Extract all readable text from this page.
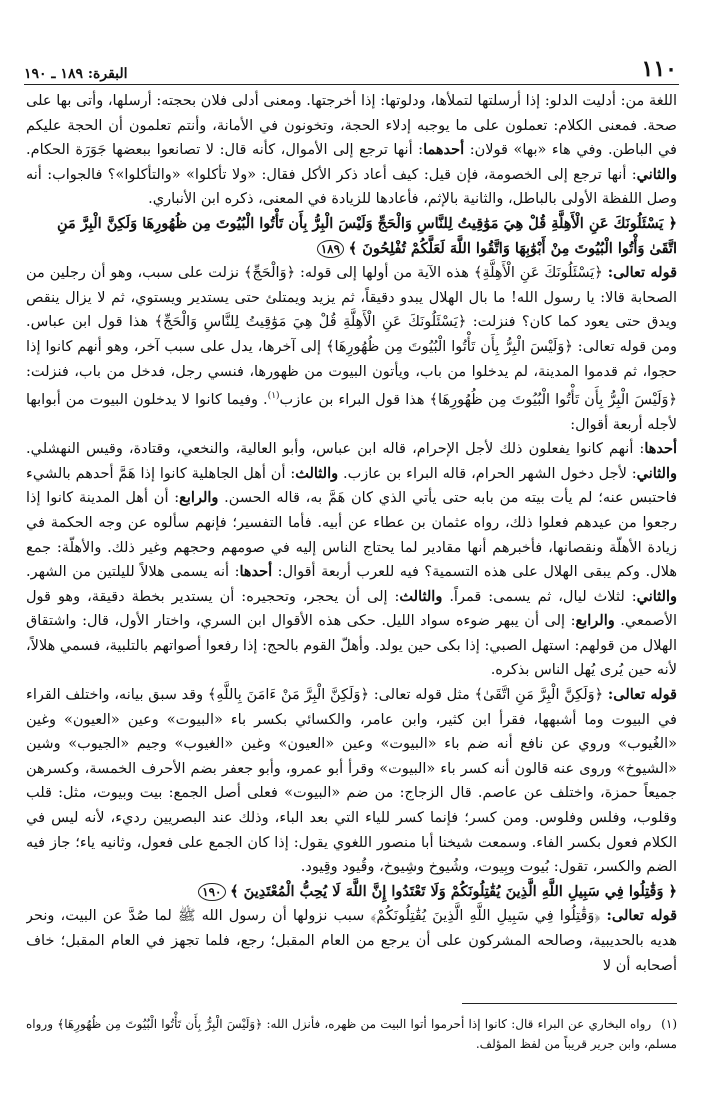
١١٠
البقرة: ١٨٩ ـ ١٩٠

اللغة من: أدليت الدلو: إذا أرسلتها لتملأها، ودلوتها: إذا أخرجتها. ومعنى أدلى فلان بحجته: أرسلها، وأتى بها على صحة. فمعنى الكلام: تعملون على ما يوجبه إدلاء الحجة، وتخونون في الأمانة، وأنتم تعلمون أن الحجة عليكم في الباطن. وفي هاء «بها» قولان: أحدهما: أنها ترجع إلى الأموال، كأنه قال: لا تصانعوا ببعضها جَوَرَة الحكام. والثاني: أنها ترجع إلى الخصومة، فإن قيل: كيف أعاد ذكر الأكل فقال: «ولا تأكلوا» «والتأكلوا»؟ فالجواب: أنه وصل اللفظة الأولى بالباطل، والثانية بالإثم، فأعادها للزيادة في المعنى، ذكره ابن الأنباري.

﴿ يَسْئَلُونَكَ عَنِ الْأَهِلَّةِ قُلْ هِيَ مَوَٰقِيتُ لِلنَّاسِ وَالْحَجِّ وَلَيْسَ الْبِرُّ بِأَن تَأْتُوا الْبُيُوتَ مِن ظُهُورِهَا وَلَكِنَّ الْبِرَّ مَنِ اتَّقَىٰ وَأْتُوا الْبُيُوتَ مِنْ أَبْوَٰبِهَا وَاتَّقُوا اللَّهَ لَعَلَّكُمْ تُفْلِحُونَ ﴾ ١٨٩

قوله تعالى: ﴿يَسْئَلُونَكَ عَنِ الْأَهِلَّةِ﴾ هذه الآية من أولها إلى قوله: ﴿وَالْحَجِّ﴾ نزلت على سبب، وهو أن رجلين من الصحابة قالا: يا رسول الله! ما بال الهلال يبدو دقيقاً، ثم يزيد ويمتلئ حتى يستدير ويستوي، ثم لا يزال ينقص ويدق حتى يعود كما كان؟ فنزلت: ﴿يَسْئَلُونَكَ عَنِ الْأَهِلَّةِ قُلْ هِيَ مَوَٰقِيتُ لِلنَّاسِ وَالْحَجِّ﴾ هذا قول ابن عباس. ومن قوله تعالى: ﴿وَلَيْسَ الْبِرُّ بِأَن تَأْتُوا الْبُيُوتَ مِن ظُهُورِهَا﴾ إلى آخرها، يدل على سبب آخر، وهو أنهم كانوا إذا حجوا، ثم قدموا المدينة، لم يدخلوا من باب، ويأتون البيوت من ظهورها، فنسي رجل، فدخل من باب، فنزلت: ﴿وَلَيْسَ الْبِرُّ بِأَن تَأْتُوا الْبُيُوتَ مِن ظُهُورِهَا﴾ هذا قول البراء بن عازب$^{(١)}$. وفيما كانوا لا يدخلون البيوت من أبوابها لأجله أربعة أقوال:

أحدها: أنهم كانوا يفعلون ذلك لأجل الإحرام، قاله ابن عباس، وأبو العالية، والنخعي، وقتادة، وقيس النهشلي. والثاني: لأجل دخول الشهر الحرام، قاله البراء بن عازب. والثالث: أن أهل الجاهلية كانوا إذا هَمَّ أحدهم بالشيء فاحتبس عنه؛ لم يأت بيته من بابه حتى يأتي الذي كان هَمَّ به، قاله الحسن. والرابع: أن أهل المدينة كانوا إذا رجعوا من عيدهم فعلوا ذلك، رواه عثمان بن عطاء عن أبيه. فأما التفسير؛ فإنهم سألوه عن وجه الحكمة في زيادة الأهلّة ونقصانها، فأخبرهم أنها مقادير لما يحتاج الناس إليه في صومهم وحجهم وغير ذلك. والأهلّة: جمع هلال. وكم يبقى الهلال على هذه التسمية؟ فيه للعرب أربعة أقوال: أحدها: أنه يسمى هلالاً لليلتين من الشهر. والثاني: لثلاث ليال، ثم يسمى: قمراً. والثالث: إلى أن يحجر، وتحجيره: أن يستدير بخطة دقيقة، وهو قول الأصمعي. والرابع: إلى أن يبهر ضوءه سواد الليل. حكى هذه الأقوال ابن السري، واختار الأول، قال: واشتقاق الهلال من قولهم: استهل الصبي: إذا بكى حين يولد. وأهلّ القوم بالحج: إذا رفعوا أصواتهم بالتلبية، فسمي هلالاً، لأنه حين يُرى يُهل الناس بذكره.

قوله تعالى: ﴿وَلَكِنَّ الْبِرَّ مَنِ اتَّقَىٰ﴾ مثل قوله تعالى: ﴿وَلَكِنَّ الْبِرَّ مَنْ ءَامَنَ بِاللَّهِ﴾ وقد سبق بيانه، واختلف القراء في البيوت وما أشبهها، فقرأ ابن كثير، وابن عامر، والكسائي بكسر باء «البيوت» وعين «العيون» وغين «الغُيوب» وروي عن نافع أنه ضم باء «البيوت» وعين «العيون» وغين «الغيوب» وجيم «الجيوب» وشين «الشيوخ» وروى عنه قالون أنه كسر باء «البيوت» وقرأ أبو عمرو، وأبو جعفر بضم الأحرف الخمسة، وكسرهن جميعاً حمزة، واختلف عن عاصم. قال الزجاج: من ضم «البيوت» فعلى أصل الجمع: بيت وبيوت، مثل: قلب وقلوب، وفلس وفلوس. ومن كسر؛ فإنما كسر للياء التي بعد الباء، وذلك عند البصريين رديء، لأنه ليس في الكلام فعول بكسر الفاء. وسمعت شيخنا أبا منصور اللغوي يقول: إذا كان الجمع على فعول، وثانيه ياء؛ جاز فيه الضم والكسر، تقول: بُيوت وبِيوت، وشُيوخ وشِيوخ، وقُيود وقِيود.

﴿ وَقَٰتِلُوا فِي سَبِيلِ اللَّهِ الَّذِينَ يُقَٰتِلُونَكُمْ وَلَا تَعْتَدُوا إِنَّ اللَّهَ لَا يُحِبُّ الْمُعْتَدِينَ ﴾ ١٩٠

قوله تعالى: ﴿وَقَٰتِلُوا فِي سَبِيلِ اللَّهِ الَّذِينَ يُقَٰتِلُونَكُمْ﴾ سبب نزولها أن رسول الله ﷺ لما صُدَّ عن البيت، ونحر هديه بالحديبية، وصالحه المشركون على أن يرجع من العام المقبل؛ رجع، فلما تجهز في العام المقبل؛ خاف أصحابه أن لا

(١)رواه البخاري عن البراء قال: كانوا إذا أحرموا أتوا البيت من ظهره، فأنزل الله: ﴿وَلَيْسَ الْبِرُّ بِأَن تَأْتُوا الْبُيُوتَ مِن ظُهُورِهَا﴾ ورواه مسلم، وابن جرير قريباً من لفظ المؤلف.
